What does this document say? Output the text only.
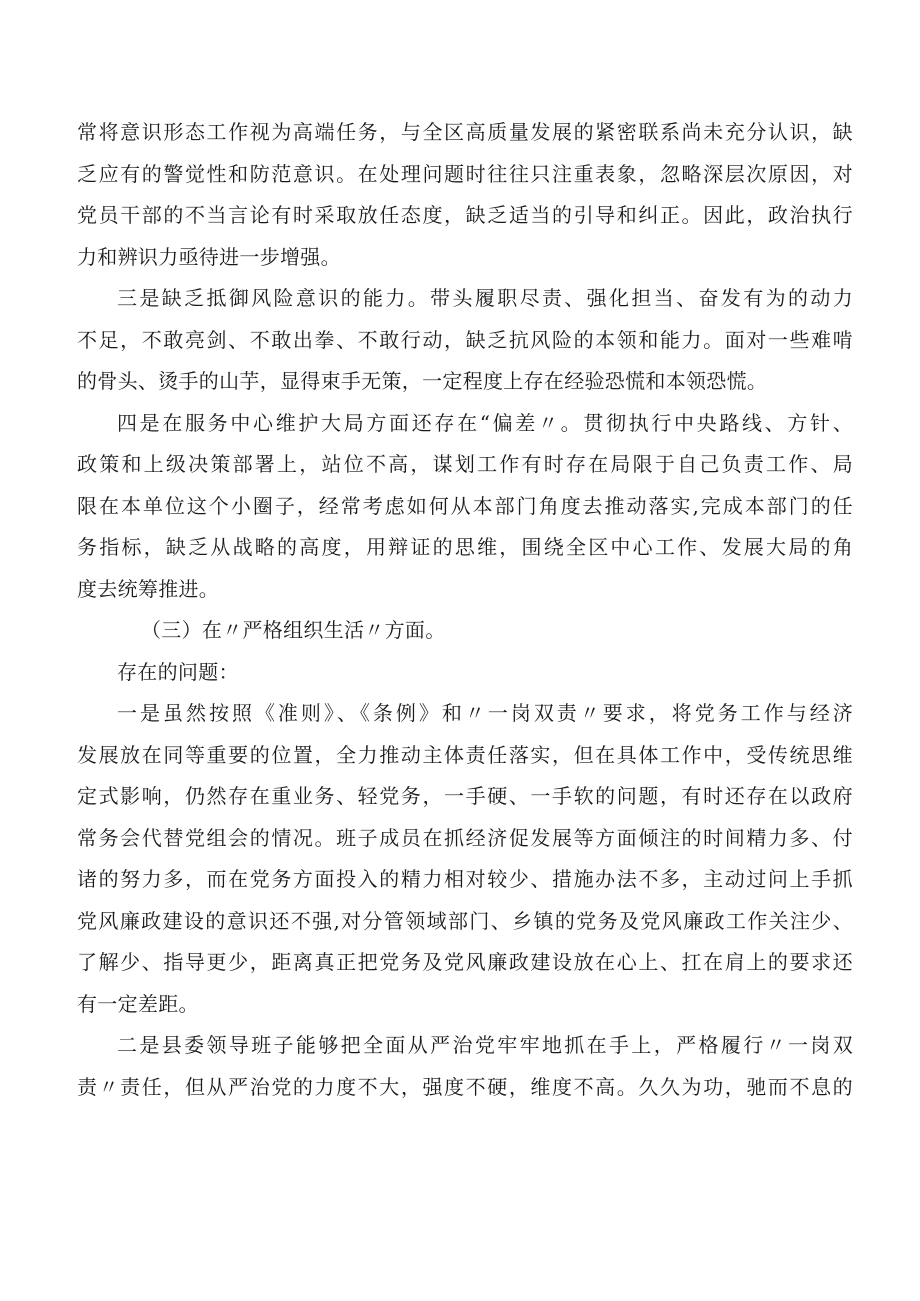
常将意识形态工作视为高端任务，与全区高质量发展的紧密联系尚未充分认识，缺
乏应有的警觉性和防范意识。在处理问题时往往只注重表象，忽略深层次原因，对
党员干部的不当言论有时采取放任态度，缺乏适当的引导和纠正。因此，政治执行
力和辨识力亟待进一步增强。
三是缺乏抵御风险意识的能力。带头履职尽责、强化担当、奋发有为的动力
不足，不敢亮剑、不敢出拳、不敢行动，缺乏抗风险的本领和能力。面对一些难啃
的骨头、烫手的山芋，显得束手无策，一定程度上存在经验恐慌和本领恐慌。
四是在服务中心维护大局方面还存在“偏差〃。贯彻执行中央路线、方针、
政策和上级决策部署上，站位不高，谋划工作有时存在局限于自己负责工作、局
限在本单位这个小圈子，经常考虑如何从本部门角度去推动落实,完成本部门的任
务指标，缺乏从战略的高度，用辩证的思维，围绕全区中心工作、发展大局的角
度去统筹推进。
（三）在〃严格组织生活〃方面。
存在的问题：
一是虽然按照《准则》、《条例》和〃一岗双责〃要求，将党务工作与经济
发展放在同等重要的位置，全力推动主体责任落实，但在具体工作中，受传统思维
定式影响，仍然存在重业务、轻党务，一手硬、一手软的问题，有时还存在以政府
常务会代替党组会的情况。班子成员在抓经济促发展等方面倾注的时间精力多、付
诸的努力多，而在党务方面投入的精力相对较少、措施办法不多，主动过问上手抓
党风廉政建设的意识还不强,对分管领域部门、乡镇的党务及党风廉政工作关注少、
了解少、指导更少，距离真正把党务及党风廉政建设放在心上、扛在肩上的要求还
有一定差距。
二是县委领导班子能够把全面从严治党牢牢地抓在手上，严格履行〃一岗双
责〃责任，但从严治党的力度不大，强度不硬，维度不高。久久为功，驰而不息的
